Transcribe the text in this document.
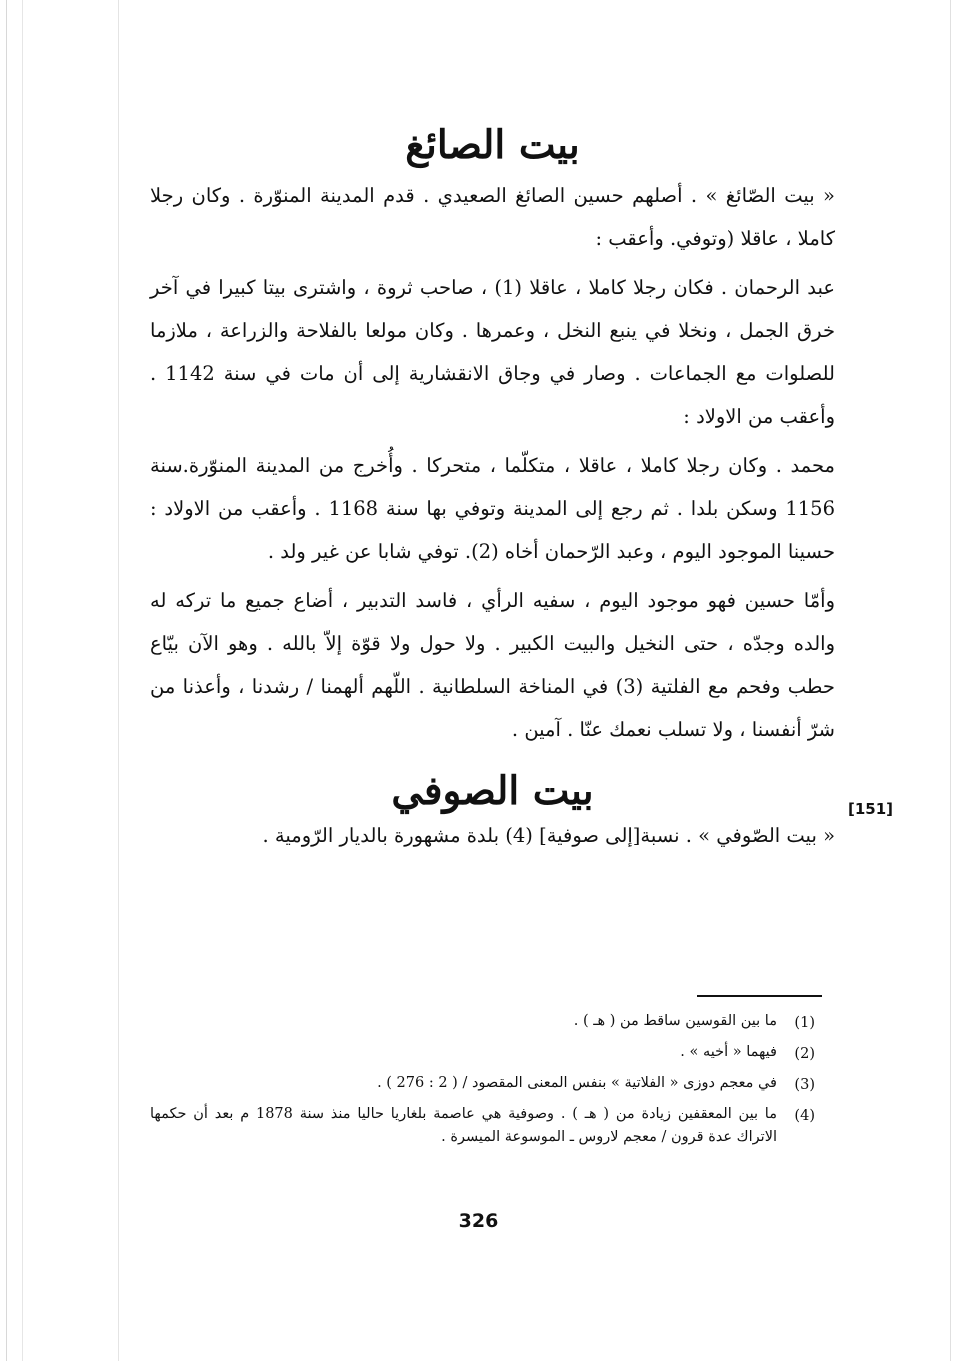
بيت الصائغ

« بيت الصّائغ » . أصلهم حسين الصائغ الصعيدي . قدم المدينة المنوّرة . وكان رجلا كاملا ، عاقلا (وتوفي. وأعقب :

عبد الرحمان . فكان رجلا كاملا ، عاقلا (1) ، صاحب ثروة ، واشترى بيتا كبيرا في آخر خرق الجمل ، ونخلا في ينبع النخل ، وعمرها . وكان مولعا بالفلاحة والزراعة ، ملازما للصلوات مع الجماعات . وصار في وجاق الانقشارية إلى أن مات في سنة 1142 . وأعقب من الاولاد :

محمد . وكان رجلا كاملا ، عاقلا ، متكلّما ، متحركا . وأُخرج من المدينة المنوّرة.سنة 1156 وسكن بلدا . ثم رجع إلى المدينة وتوفي بها سنة 1168 . وأعقب من الاولاد : حسينا الموجود اليوم ، وعبد الرّحمان أخاه (2). توفي شابا عن غير ولد .

وأمّا حسين فهو موجود اليوم ، سفيه الرأي ، فاسد التدبير ، أضاع جميع ما تركه له والده وجدّه ، حتى النخيل والبيت الكبير . ولا حول ولا قوّة إلاّ بالله . وهو الآن بيّاع حطب وفحم مع الفلتية (3) في المناخة السلطانية . اللّهم ألهمنا / رشدنا ، وأعذنا من شرّ أنفسنا ، ولا تسلب نعمك عنّا . آمين .

بيت الصوفي

« بيت الصّوفي » . نسبة[إلى صوفية] (4) بلدة مشهورة بالديار الرّومية .

[151]
(1)
ما بين القوسين ساقط من ( هـ ) .
(2)
فيهما « أخيه » .
(3)
في معجم دوزى « الفلاتية » بنفس المعنى المقصود / ( 2 : 276 ) .
(4)
ما بين المعقفين زيادة من ( هـ ) . وصوفية هي عاصمة بلغاريا حاليا منذ سنة 1878 م بعد أن حكمها الاتراك عدة قرون / معجم لاروس ـ الموسوعة الميسرة .
326
